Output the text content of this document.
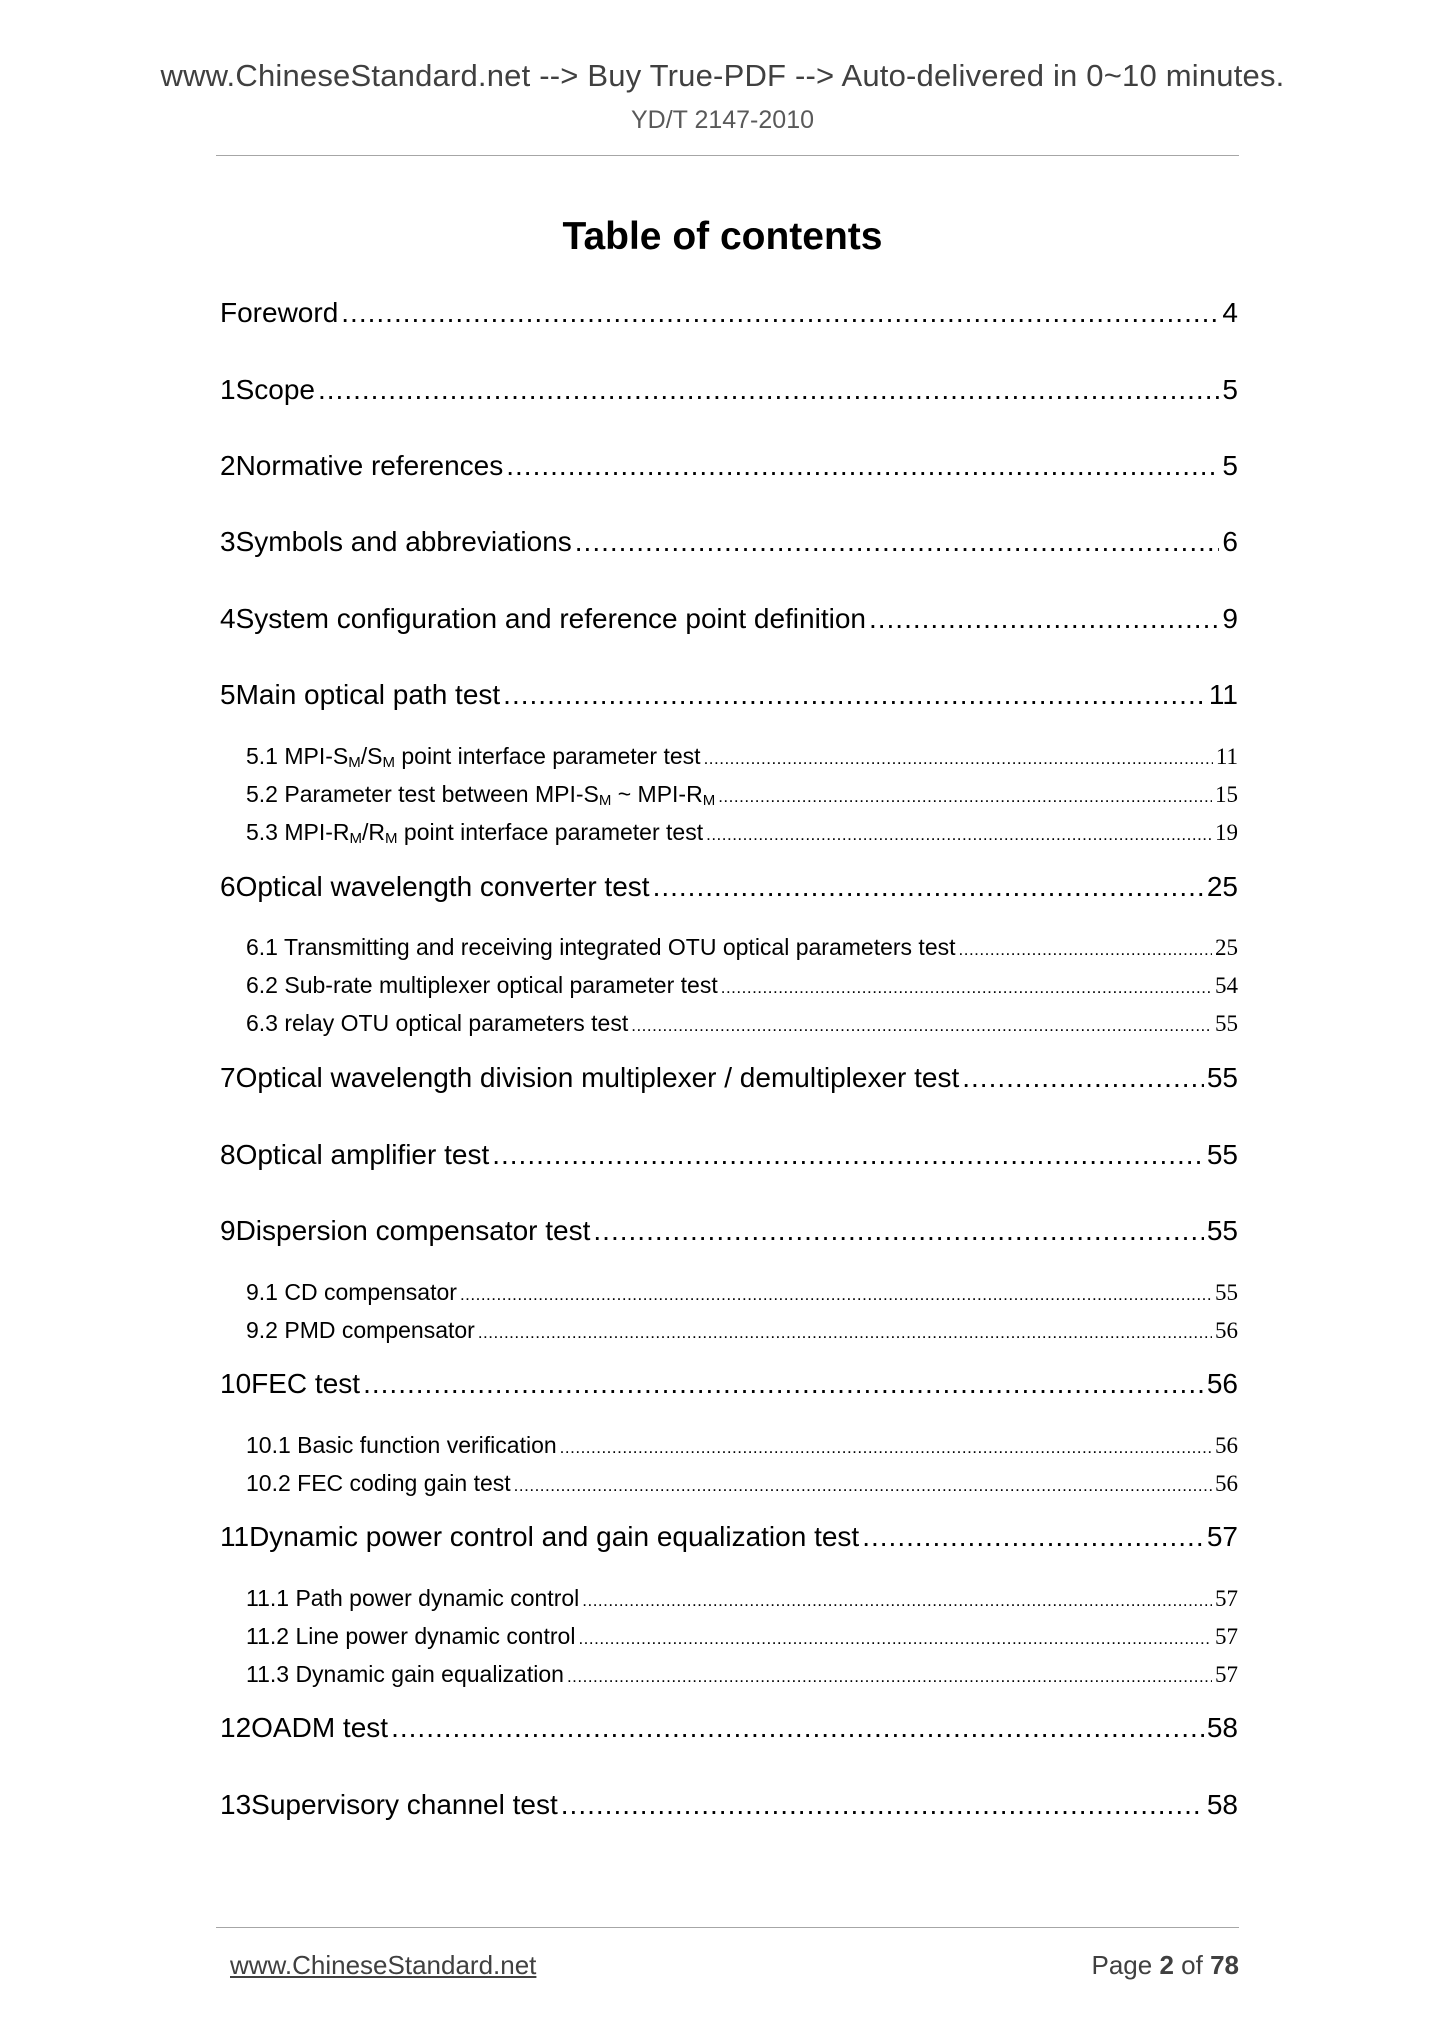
www.ChineseStandard.net --> Buy True-PDF --> Auto-delivered in 0~10 minutes.
YD/T 2147-2010
Table of contents
Foreword .....	4
1 Scope .....	5
2 Normative references .....	5
3 Symbols and abbreviations .....	6
4 System configuration and reference point definition .....	9
5 Main optical path test .....	11
5.1 MPI-$S_M/S_M$ point interface parameter test .....	11
5.2 Parameter test between MPI-$S_M$ ~ MPI-$R_M$ .....	15
5.3 MPI-$R_M/R_M$ point interface parameter test .....	19
6 Optical wavelength converter test .....	25
6.1 Transmitting and receiving integrated OTU optical parameters test .....	25
6.2 Sub-rate multiplexer optical parameter test .....	54
6.3 relay OTU optical parameters test .....	55
7 Optical wavelength division multiplexer / demultiplexer test .....	55
8 Optical amplifier test .....	55
9 Dispersion compensator test .....	55
9.1 CD compensator .....	55
9.2 PMD compensator .....	56
10 FEC test .....	56
10.1 Basic function verification .....	56
10.2 FEC coding gain test .....	56
11 Dynamic power control and gain equalization test .....	57
11.1 Path power dynamic control .....	57
11.2 Line power dynamic control .....	57
11.3 Dynamic gain equalization .....	57
12 OADM test .....	58
13 Supervisory channel test .....	58
www.ChineseStandard.net	Page 2 of 78
